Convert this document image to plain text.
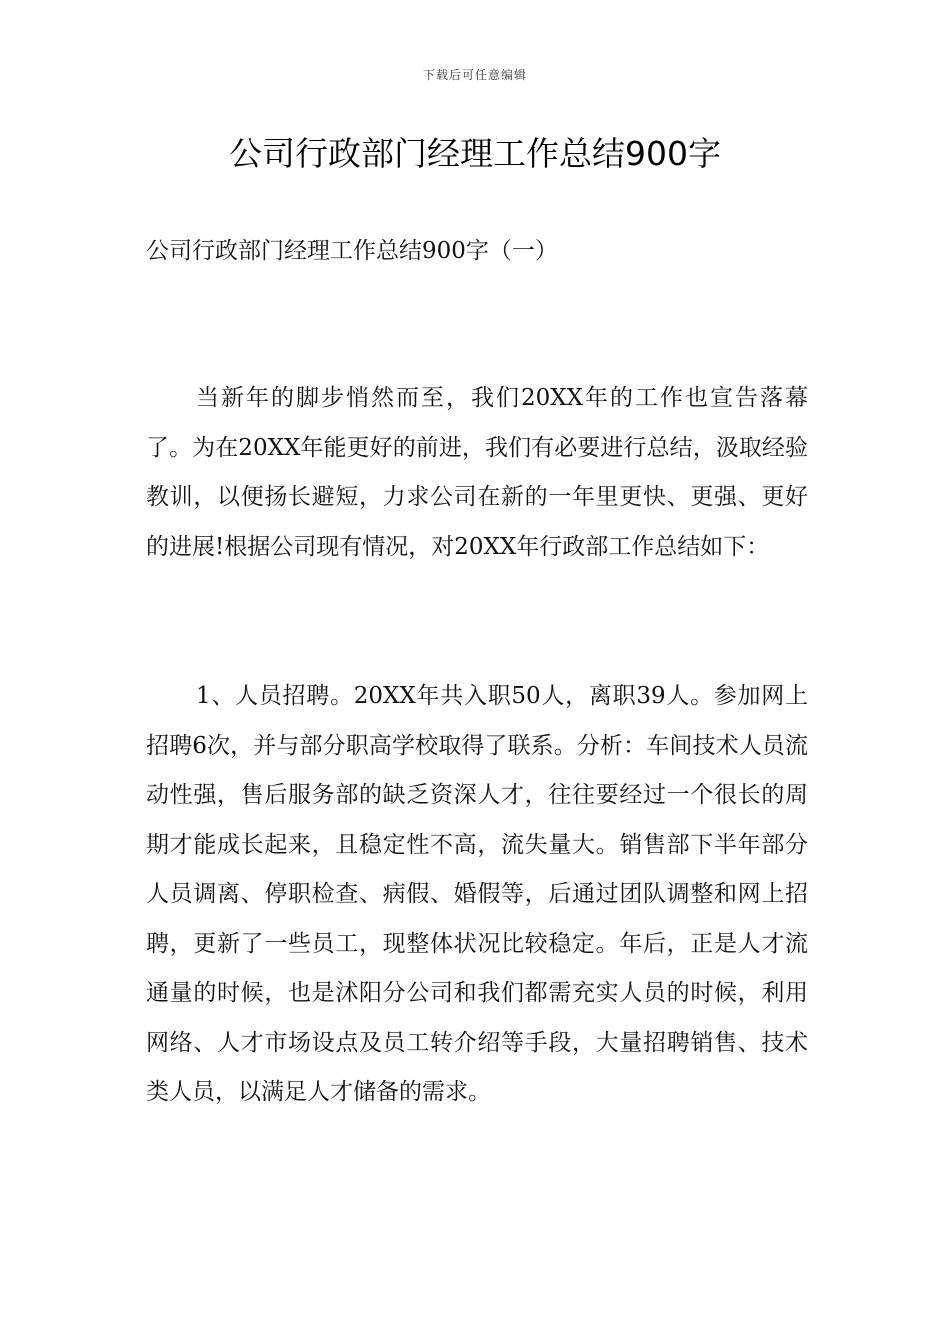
下载后可任意编辑
公司行政部门经理工作总结900字
公司行政部门经理工作总结900字（一）

当新年的脚步悄然而至，我们20XX年的工作也宣告落幕了。为在20XX年能更好的前进，我们有必要进行总结，汲取经验教训，以便扬长避短，力求公司在新的一年里更快、更强、更好的进展!根据公司现有情况，对20XX年行政部工作总结如下：

1、人员招聘。20XX年共入职50人，离职39人。参加网上招聘6次，并与部分职高学校取得了联系。分析：车间技术人员流动性强，售后服务部的缺乏资深人才，往往要经过一个很长的周期才能成长起来，且稳定性不高，流失量大。销售部下半年部分人员调离、停职检查、病假、婚假等，后通过团队调整和网上招聘，更新了一些员工，现整体状况比较稳定。年后，正是人才流通量的时候，也是沭阳分公司和我们都需充实人员的时候，利用网络、人才市场设点及员工转介绍等手段，大量招聘销售、技术类人员，以满足人才储备的需求。
